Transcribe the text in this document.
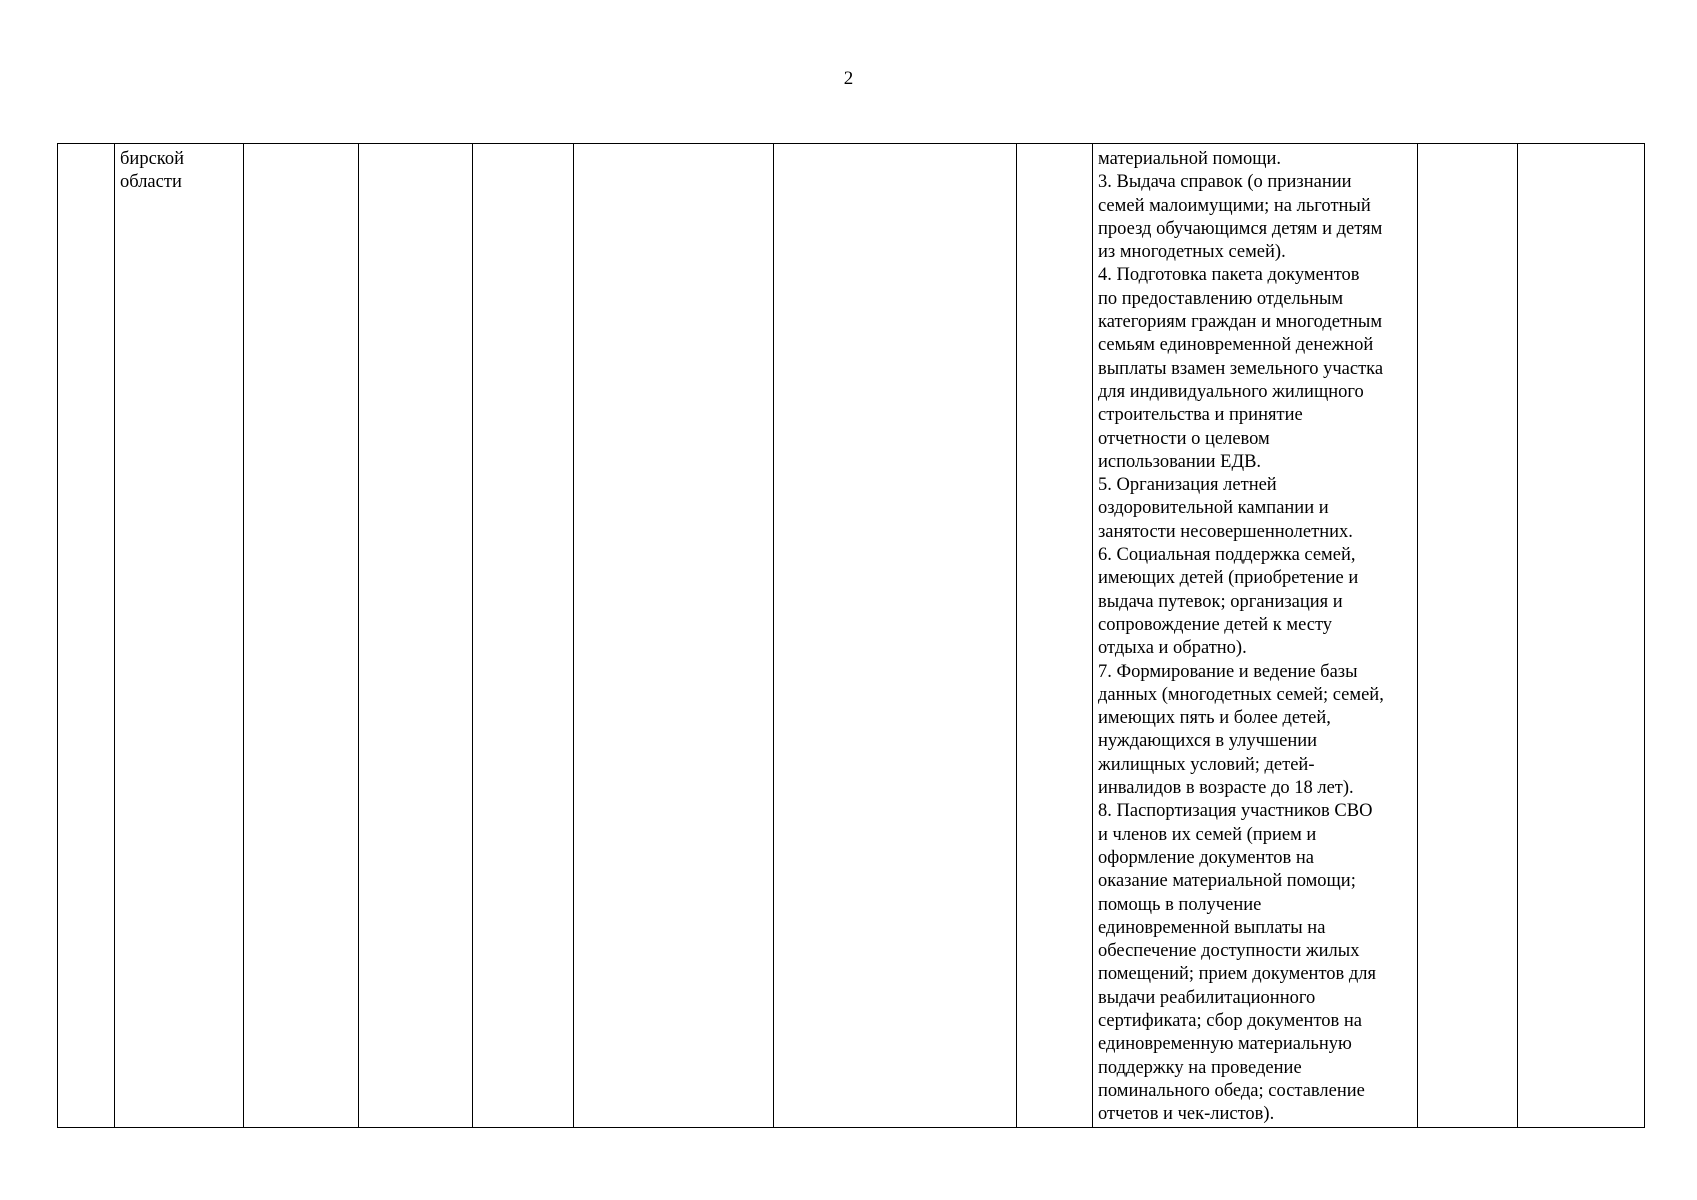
2

бирской
области

материальной помощи.
3. Выдача справок (о признании
семей малоимущими; на льготный
проезд обучающимся детям и детям
из многодетных семей).
4. Подготовка пакета документов
по предоставлению отдельным
категориям граждан и многодетным
семьям единовременной денежной
выплаты взамен земельного участка
для индивидуального жилищного
строительства и принятие
отчетности о целевом
использовании ЕДВ.
5. Организация летней
оздоровительной кампании и
занятости несовершеннолетних.
6. Социальная поддержка семей,
имеющих детей (приобретение и
выдача путевок; организация и
сопровождение детей к месту
отдыха и обратно).
7. Формирование и ведение базы
данных (многодетных семей; семей,
имеющих пять и более детей,
нуждающихся в улучшении
жилищных условий; детей-
инвалидов в возрасте до 18 лет).
8. Паспортизация участников СВО
и членов их семей (прием и
оформление документов на
оказание материальной помощи;
помощь в получение
единовременной выплаты на
обеспечение доступности жилых
помещений; прием документов для
выдачи реабилитационного
сертификата; сбор документов на
единовременную материальную
поддержку на проведение
поминального обеда; составление
отчетов и чек-листов).
